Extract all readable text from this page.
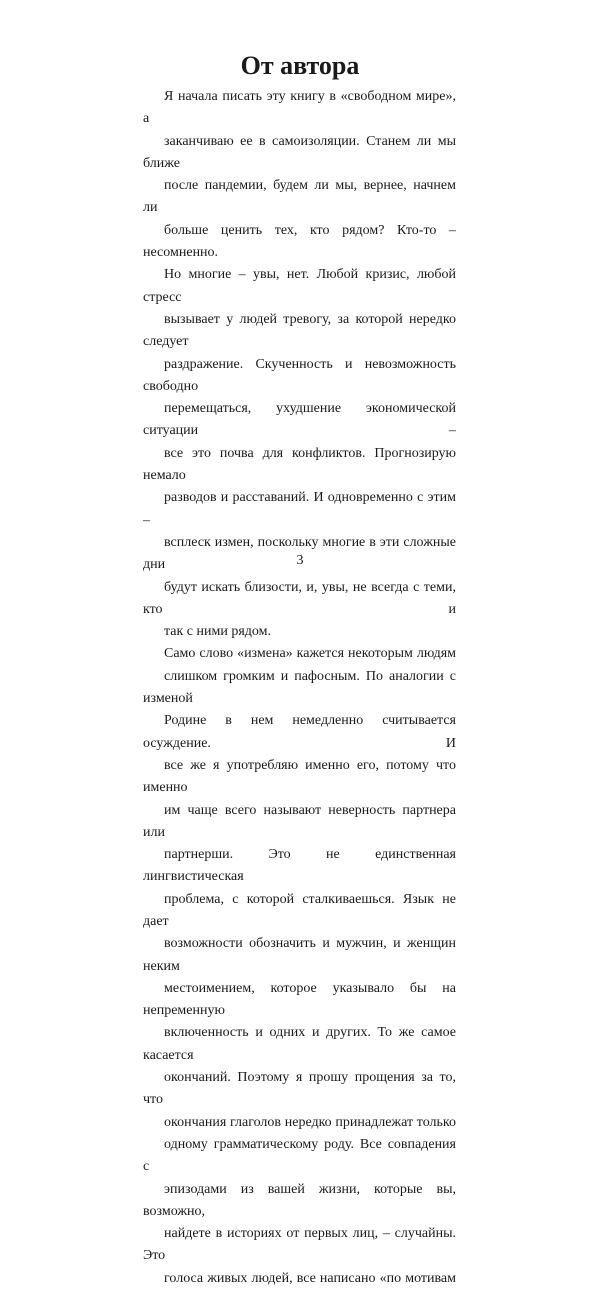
От автора
Я начала писать эту книгу в «свободном мире», а
заканчиваю ее в самоизоляции. Станем ли мы ближе
после пандемии, будем ли мы, вернее, начнем ли
больше ценить тех, кто рядом? Кто-то – несомненно.
Но многие – увы, нет. Любой кризис, любой стресс
вызывает у людей тревогу, за которой нередко следует
раздражение. Скученность и невозможность свободно
перемещаться, ухудшение экономической ситуации –
все это почва для конфликтов. Прогнозирую немало
разводов и расставаний. И одновременно с этим –
всплеск измен, поскольку многие в эти сложные дни
будут искать близости, и, увы, не всегда с теми, кто и
так с ними рядом.
Само слово «измена» кажется некоторым людям
слишком громким и пафосным. По аналогии с изменой
Родине в нем немедленно считывается осуждение. И
все же я употребляю именно его, потому что именно
им чаще всего называют неверность партнера или
партнерши. Это не единственная лингвистическая
проблема, с которой сталкиваешься. Язык не дает
возможности обозначить и мужчин, и женщин неким
местоимением, которое указывало бы на непременную
включенность и одних и других. То же самое касается
окончаний. Поэтому я прошу прощения за то, что
окончания глаголов нередко принадлежат только
одному грамматическому роду. Все совпадения с
эпизодами из вашей жизни, которые вы, возможно,
найдете в историях от первых лиц, – случайны. Это
голоса живых людей, все написано «по мотивам
3
